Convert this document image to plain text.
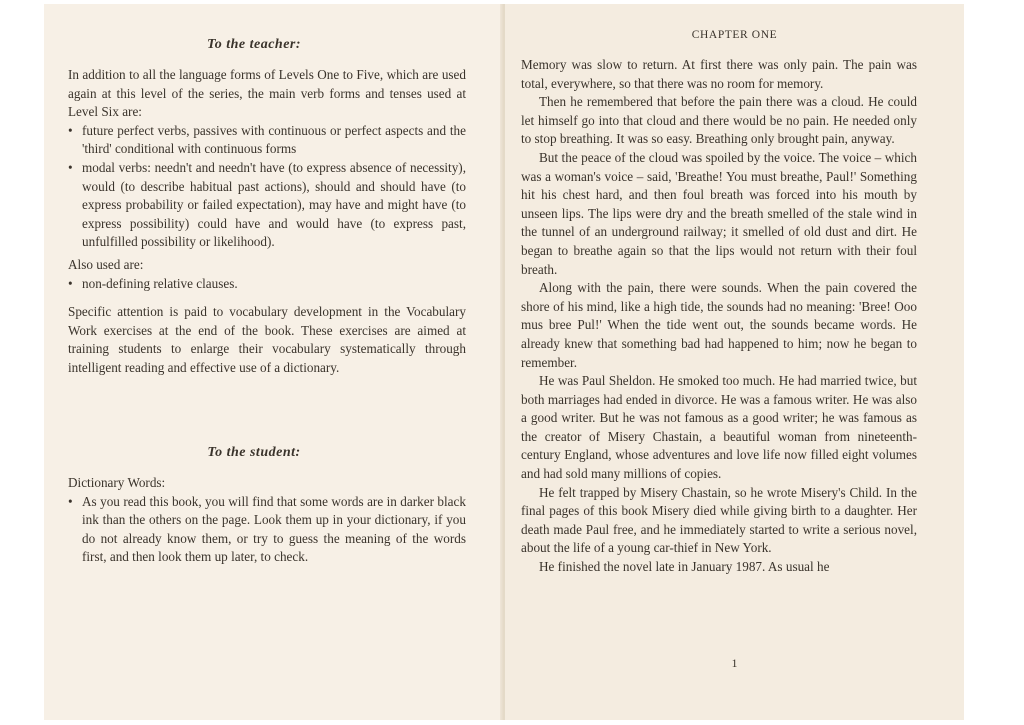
To the teacher:

In addition to all the language forms of Levels One to Five, which are used again at this level of the series, the main verb forms and tenses used at Level Six are:

• future perfect verbs, passives with continuous or perfect aspects and the 'third' conditional with continuous forms
• modal verbs: needn't and needn't have (to express absence of necessity), would (to describe habitual past actions), should and should have (to express probability or failed expectation), may have and might have (to express possibility) could have and would have (to express past, unfulfilled possibility or likelihood).

Also used are:

• non-defining relative clauses.

Specific attention is paid to vocabulary development in the Vocabulary Work exercises at the end of the book. These exercises are aimed at training students to enlarge their vocabulary systematically through intelligent reading and effective use of a dictionary.

To the student:

Dictionary Words:

• As you read this book, you will find that some words are in darker black ink than the others on the page. Look them up in your dictionary, if you do not already know them, or try to guess the meaning of the words first, and then look them up later, to check.
CHAPTER ONE

Memory was slow to return. At first there was only pain. The pain was total, everywhere, so that there was no room for memory.

Then he remembered that before the pain there was a cloud. He could let himself go into that cloud and there would be no pain. He needed only to stop breathing. It was so easy. Breathing only brought pain, anyway.

But the peace of the cloud was spoiled by the voice. The voice – which was a woman's voice – said, 'Breathe! You must breathe, Paul!' Something hit his chest hard, and then foul breath was forced into his mouth by unseen lips. The lips were dry and the breath smelled of the stale wind in the tunnel of an underground railway; it smelled of old dust and dirt. He began to breathe again so that the lips would not return with their foul breath.

Along with the pain, there were sounds. When the pain covered the shore of his mind, like a high tide, the sounds had no meaning: 'Bree! Ooo mus bree Pul!' When the tide went out, the sounds became words. He already knew that something bad had happened to him; now he began to remember.

He was Paul Sheldon. He smoked too much. He had married twice, but both marriages had ended in divorce. He was a famous writer. He was also a good writer. But he was not famous as a good writer; he was famous as the creator of Misery Chastain, a beautiful woman from nineteenth-century England, whose adventures and love life now filled eight volumes and had sold many millions of copies.

He felt trapped by Misery Chastain, so he wrote Misery's Child. In the final pages of this book Misery died while giving birth to a daughter. Her death made Paul free, and he immediately started to write a serious novel, about the life of a young car-thief in New York.

He finished the novel late in January 1987. As usual he

1
